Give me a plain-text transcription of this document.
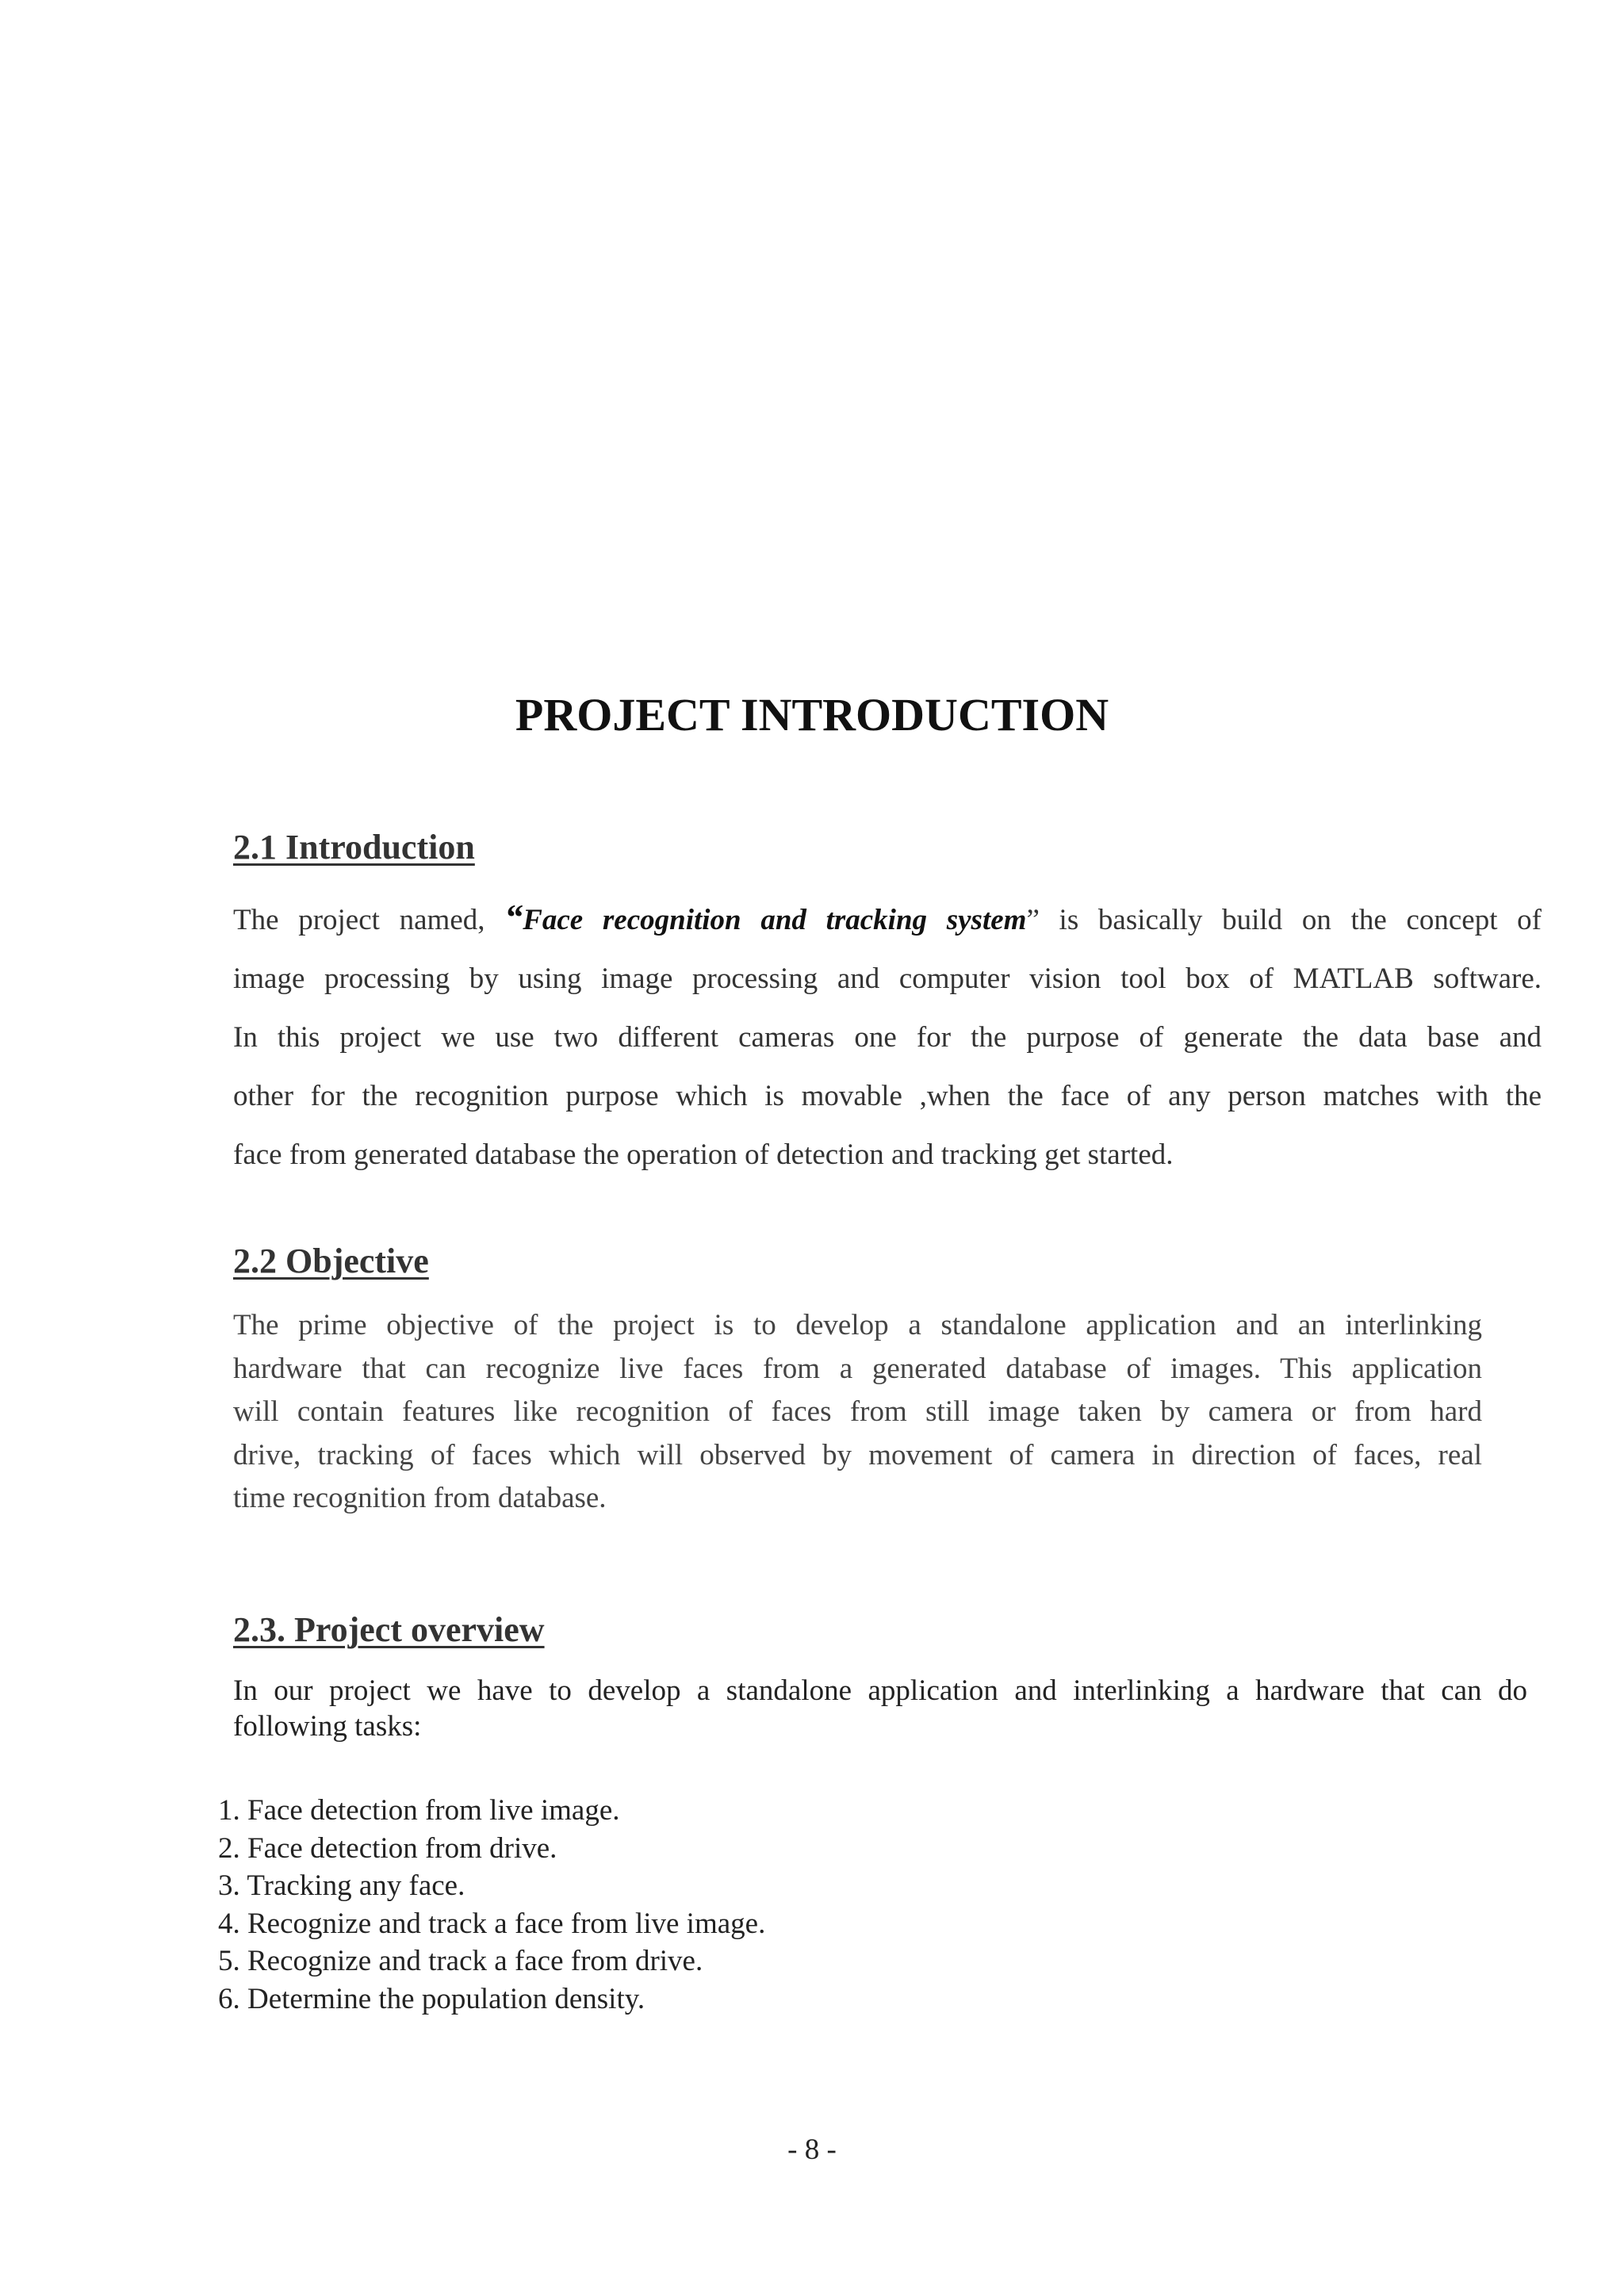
PROJECT INTRODUCTION
2.1 Introduction

The project named, “Face recognition and tracking system” is basically build on the concept of
image processing by using image processing and computer vision tool box of MATLAB software.
In this project we use two different cameras one for the purpose of generate the data base and
other for the recognition purpose which is movable ,when the face of any person matches with the
face from generated database the operation of detection and tracking get started.

2.2 Objective

The prime objective of the project is to develop a standalone application and an interlinking
hardware that can recognize live faces from a generated database of images. This application
will contain features like recognition of faces from still image taken by camera or from hard
drive, tracking of faces which will observed by movement of camera in direction of faces, real
time recognition from database.

2.3. Project overview

In our project we have to develop a standalone application and interlinking a hardware that can do
following tasks:

1. Face detection from live image.
2. Face detection from drive.
3. Tracking any face.
4. Recognize and track a face from live image.
5. Recognize and track a face from drive.
6. Determine the population density.
- 8 -
